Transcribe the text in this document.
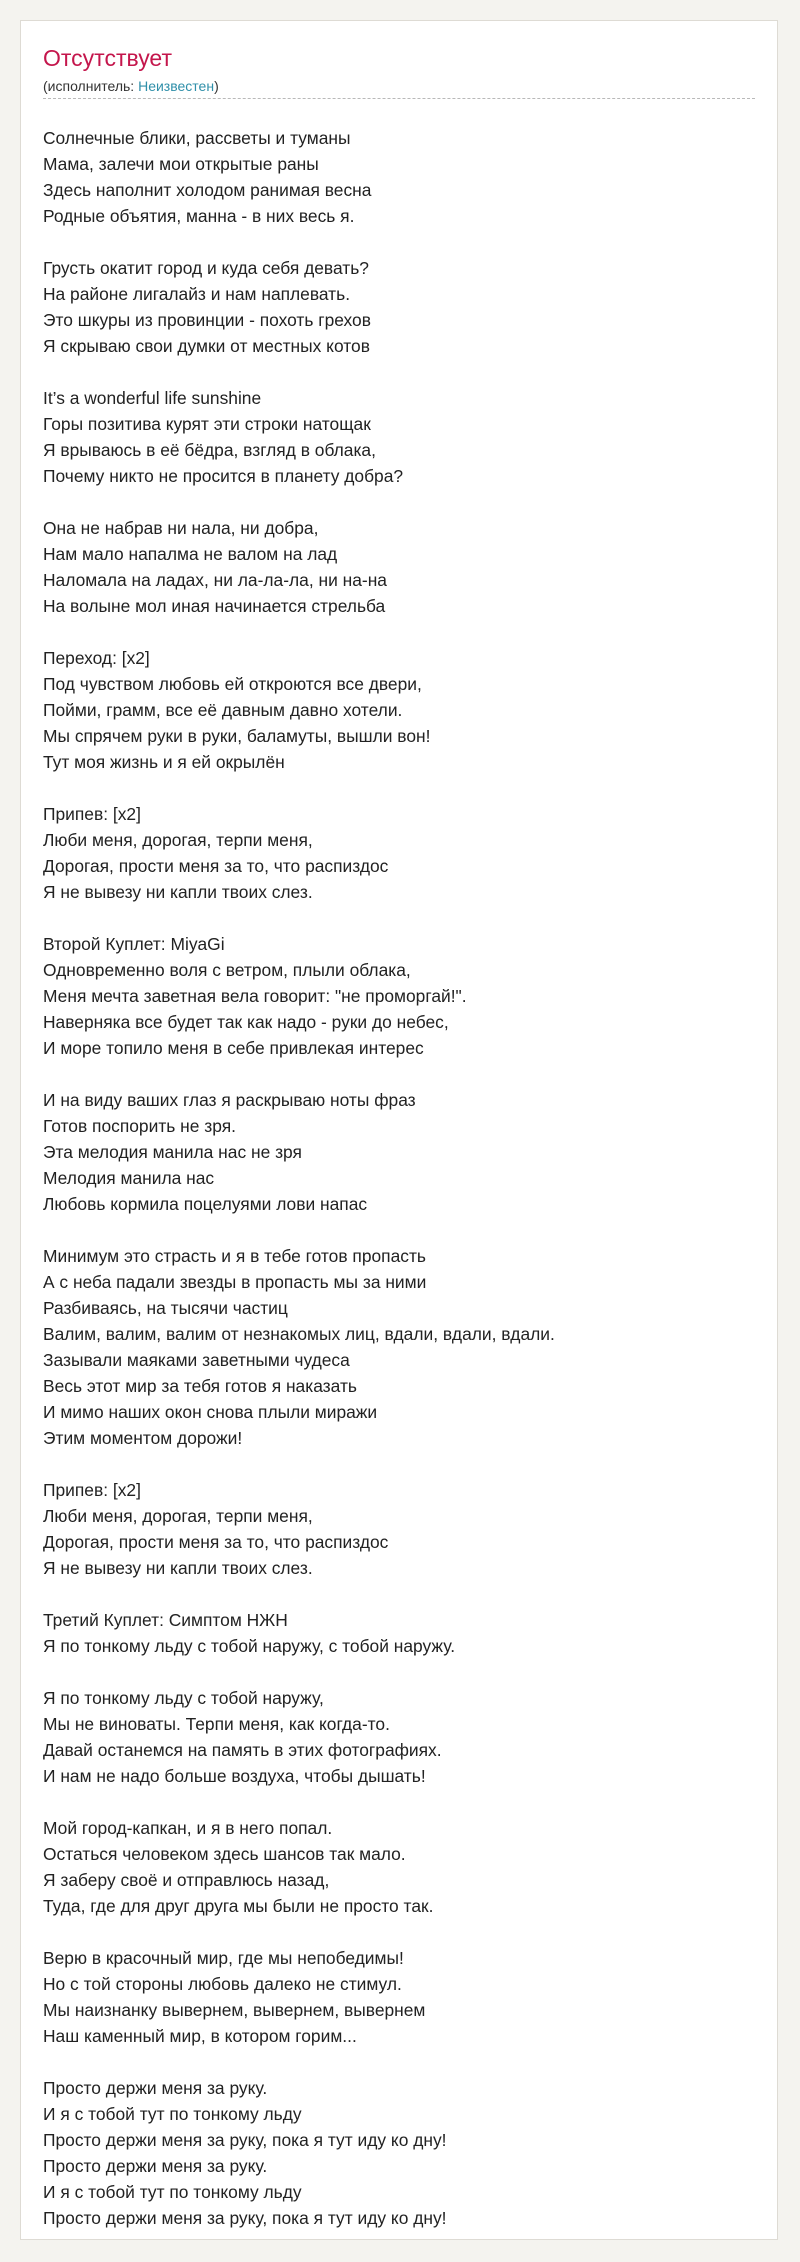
Отсутствует
(исполнитель: Неизвестен)
Солнечные блики, рассветы и туманы
Мама, залечи мои открытые раны
Здесь наполнит холодом ранимая весна
Родные объятия, манна - в них весь я.
Грусть окатит город и куда себя девать?
На районе лигалайз и нам наплевать.
Это шкуры из провинции - похоть грехов
Я скрываю свои думки от местных котов
It’s a wonderful life sunshine
Горы позитива курят эти строки натощак
Я врываюсь в её бёдра, взгляд в облака,
Почему никто не просится в планету добра?
Она не набрав ни нала, ни добра,
Нам мало напалма не валом на лад
Наломала на ладах, ни ла-ла-ла, ни на-на
На волыне мол иная начинается стрельба
Переход: [x2]
Под чувством любовь ей откроются все двери,
Пойми, грамм, все её давным давно хотели.
Мы спрячем руки в руки, баламуты, вышли вон!
Тут моя жизнь и я ей окрылён
Припев: [x2]
Люби меня, дорогая, терпи меня,
Дорогая, прости меня за то, что распиздос
Я не вывезу ни капли твоих слез.
Второй Куплет: MiyaGi
Одновременно воля с ветром, плыли облака,
Меня мечта заветная вела говорит: "не проморгай!".
Наверняка все будет так как надо - руки до небес,
И море топило меня в себе привлекая интерес
И на виду ваших глаз я раскрываю ноты фраз
Готов поспорить не зря.
Эта мелодия манила нас не зря
Мелодия манила нас
Любовь кормила поцелуями лови напас
Минимум это страсть и я в тебе готов пропасть
А с неба падали звезды в пропасть мы за ними
Разбиваясь, на тысячи частиц
Валим, валим, валим от незнакомых лиц, вдали, вдали, вдали.
Зазывали маяками заветными чудеса
Весь этот мир за тебя готов я наказать
И мимо наших окон снова плыли миражи
Этим моментом дорожи!
Припев: [x2]
Люби меня, дорогая, терпи меня,
Дорогая, прости меня за то, что распиздос
Я не вывезу ни капли твоих слез.
Третий Куплет: Симптом НЖН
Я по тонкому льду с тобой наружу, с тобой наружу.
Я по тонкому льду с тобой наружу,
Мы не виноваты. Терпи меня, как когда-то.
Давай останемся на память в этих фотографиях.
И нам не надо больше воздуха, чтобы дышать!
Мой город-капкан, и я в него попал.
Остаться человеком здесь шансов так мало.
Я заберу своё и отправлюсь назад,
Туда, где для друг друга мы были не просто так.
Верю в красочный мир, где мы непобедимы!
Но с той стороны любовь далеко не стимул.
Мы наизнанку вывернем, вывернем, вывернем
Наш каменный мир, в котором горим...
Просто держи меня за руку.
И я с тобой тут по тонкому льду
Просто держи меня за руку, пока я тут иду ко дну!
Просто держи меня за руку.
И я с тобой тут по тонкому льду
Просто держи меня за руку, пока я тут иду ко дну!
